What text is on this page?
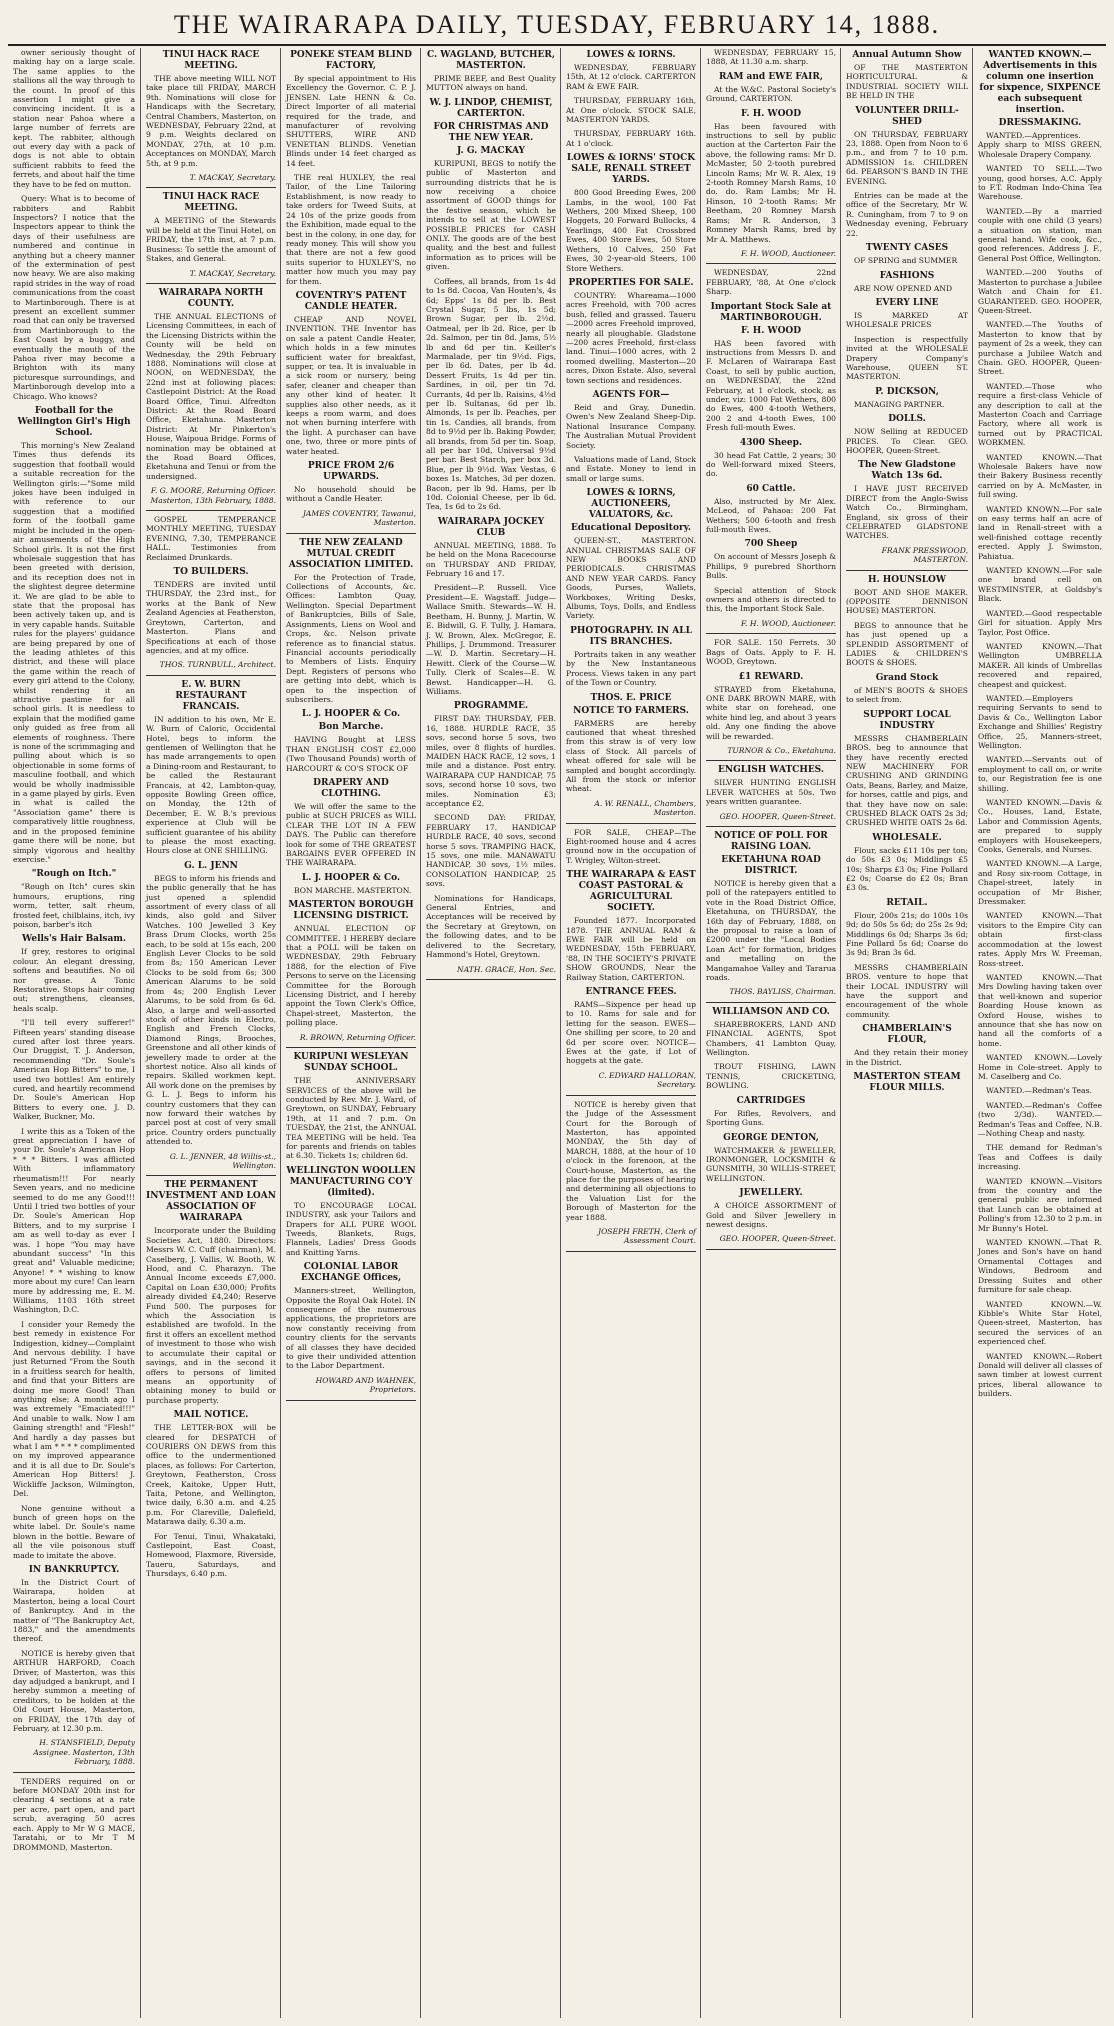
THE WAIRARAPA DAILY, TUESDAY, FEBRUARY 14, 1888.
owner seriously thought of making hay on a large scale. The same applies to the stallions all the way through to the count. In proof of this assertion I might give a convincing incident. It is a station near Pahoa where a large number of ferrets are kept. The rabbiter, although out every day with a pack of dogs is not able to obtain sufficient rabbits to feed the ferrets, and about half the time they have to be fed on mutton.
Query: What is to become of rabbiters and Rabbit Inspectors? I notice that the Inspectors appear to think the days of their usefulness are numbered and continue in anything but a cheery manner of the extermination of pest now heavy. We are also making rapid strides in the way of road communications from the coast to Martinborough. There is at present an excellent summer road that can only be traversed from Martinborough to the East Coast by a buggy, and eventually the mouth of the Pahoa river may become a Brighton with its many picturesque surroundings, and Martinborough develop into a Chicago. Who knows?
Football for the Wellington Girl's High School.
This morning's New Zealand Times thus defends its suggestion that football would a suitable recreation for the Wellington girls:—"Some mild jokes have been indulged in with reference to our suggestion that a modified form of the football game might be included in the open-air amusements of the High School girls. It is not the first wholesale suggestion that has been greeted with derision, and its reception does not in the slightest degree determine it. We are glad to be able to state that the proposal has been actively taken up, and is in very capable hands. Suitable rules for the players' guidance are being prepared by one of the leading athletes of this district, and these will place the game within the reach of every girl attend to the Colony, whilst rendering it an attractive pastime for all school girls. It is needless to explain that the modified game only guided as free from all elements of roughness. There is none of the scrimmaging and pulling about which is so objectionable in some forms of masculine football, and which would be wholly inadmissible in a game played by girls. Even in what is called the "Association game" there is comparatively little roughness, and in the proposed feminine game there will be none, but simply vigorous and healthy exercise."
"Rough on Itch."
"Rough on Itch" cures skin humours, eruptions, ring worm, tetter, salt rheum, frosted feet, chilblains, itch, ivy poison, barber's itch
Wells's Hair Balsam.
If grey, restores to original colour. An elegant dressing, softens and beautifies. No oil nor grease. A Tonic Restorative. Stops hair coming out; strengthens, cleanses, heals scalp.
"I'll tell every sufferer!" Fifteen years' standing disease cured after lost three years. Our Druggist, T. J. Anderson, recommending "Dr. Soule's American Hop Bitters" to me, I used two bottles! Am entirely cured, and heartily recommend Dr. Soule's American Hop Bitters to every one. J. D. Walker, Buckner, Mo.
I write this as a Token of the great appreciation I have of your Dr. Soule's American Hop * * * Bitters. I was afflicted With inflammatory rheumatism!!! For nearly Seven years, and no medicine seemed to do me any Good!!! Until I tried two bottles of your Dr. Soule's American Hop Bitters, and to my surprise I am as well to-day as ever I was. I hope "You may have abundant success" "In this great and" Valuable medicine; Anyone! * * wishing to know more about my cure! Can learn more by addressing me, E. M. Williams, 1103 16th street Washington, D.C.
I consider your Remedy the best remedy in existence For Indigestion, kidney—Complaint And nervous debility. I have just Returned "From the South in a fruitless search for health, and find that your Bitters are doing me more Good! Than anything else; A month ago I was extremely "Emaciated!!!" And unable to walk. Now I am Gaining strength! and "Flesh!" And hardly a day passes but what I am * * * * complimented on my improved appearance and it is all due to Dr. Soule's American Hop Bitters! J. Wickliffe Jackson, Wilmington, Del.
None genuine without a bunch of green hops on the white label. Dr. Soule's name blown in the bottle. Beware of all the vile poisonous stuff made to imitate the above.
IN BANKRUPTCY.
In the District Court of Wairarapa, holden at Masterton, being a local Court of Bankruptcy. And in the matter of "The Bankruptcy Act, 1883," and the amendments thereof.
NOTICE is hereby given that ARTHUR HARFORD, Coach Driver, of Masterton, was this day adjudged a bankrupt, and I hereby summon a meeting of creditors, to be holden at the Old Court House, Masterton, on FRIDAY, the 17th day of February, at 12.30 p.m.
H. STANSFIELD, Deputy Assignee. Masterton, 13th February, 1888.
TENDERS required on or before MONDAY 20th inst for clearing 4 sections at a rate per acre, part open, and part scrub, averaging 50 acres each. Apply to Mr W G MACE, Taratahi, or to Mr T M DROMMOND, Masterton.
TINUI HACK RACE MEETING.
THE above meeting WILL NOT take place till FRIDAY, MARCH 9th. Nominations will close for Handicaps with the Secretary, Central Chambers, Masterton, on WEDNESDAY, February 22nd, at 9 p.m. Weights declared on MONDAY, 27th, at 10 p.m. Acceptances on MONDAY, March 5th, at 9 p.m.
T. MACKAY, Secretary.
TINUI HACK RACE MEETING.
A MEETING of the Stewards will be held at the Tinui Hotel, on FRIDAY, the 17th inst, at 7 p.m. Business: To settle the amount of Stakes, and General.
T. MACKAY, Secretary.
WAIRARAPA NORTH COUNTY.
THE ANNUAL ELECTIONS of Licensing Committees, in each of the Licensing Districts within the County will be held on Wednesday, the 29th February 1888. Nominations will close at NOON, on WEDNESDAY, the 22nd inst at following places: Castlepoint District: At the Road Board Office, Tinui. Alfredton District: At the Road Board Office, Eketahuna. Masterton District: At Mr Pinkerton's House, Waipoua Bridge. Forms of nomination may be obtained at the Road Board Offices, Eketahuna and Tenui or from the undersigned.
F. G. MOORE, Returning Officer. Masterton, 13th February, 1888.
GOSPEL TEMPERANCE MONTHLY MEETING, TUESDAY EVENING, 7.30, TEMPERANCE HALL. Testimonies from Reclaimed Drunkards.
TO BUILDERS.
TENDERS are invited until THURSDAY, the 23rd inst., for works at the Bank of New Zealand Agencies at Featherston, Greytown, Carterton, and Masterton. Plans and Specifications at each of those agencies, and at my office.
THOS. TURNBULL, Architect.
E. W. BURN RESTAURANT FRANCAIS.
IN addition to his own, Mr E. W. Burn of Caloric, Occidental Hotel, begs to inform the gentlemen of Wellington that he has made arrangements to open a Dining-room and Restaurant, to be called the Restaurant Francais, at 42, Lambton-quay, opposite Bowling Green office, on Monday, the 12th of December, E. W. B.'s previous experience at Club will be sufficient guarantee of his ability to please the most exacting. Hours close at ONE SHILLING.
G. L. JENN
BEGS to inform his friends and the public generally that he has just opened a splendid assortment of every class of all kinds, also gold and Silver Watches. 100 Jewelled 3 Key Brass Drum Clocks, worth 25s each, to be sold at 15s each, 200 English Lever Clocks to be sold from 8s; 150 American Lever Clocks to be sold from 6s; 300 American Alarums to be sold from 4s; 200 English Lever Alarums, to be sold from 6s 6d. Also, a large and well-assorted stock of other kinds in Electro, English and French Clocks, Diamond Rings, Brooches, Greenstone and all other kinds of jewellery made to order at the shortest notice. Also all kinds of repairs. Skilled workmen kept. All work done on the premises by G. L. J. Begs to inform his country customers that they can now forward their watches by parcel post at cost of very small price. Country orders punctually attended to.
G. L. JENNER, 48 Willis-st., Wellington.
THE PERMANENT INVESTMENT AND LOAN ASSOCIATION OF WAIRARAPA
Incorporate under the Building Societies Act, 1880. Directors: Messrs W. C. Cuff (chairman), M. Caselberg, J. Vallis, W. Booth, W. Hood, and C. Pharazyn. The Annual Income exceeds £7,000. Capital on Loan £30,000; Profits already divided £4,240; Reserve Fund 500. The purposes for which the Association is established are twofold. In the first it offers an excellent method of investment to those who wish to accumulate their capital or savings, and in the second it offers to persons of limited means an opportunity of obtaining money to build or purchase property.
MAIL NOTICE.
THE LETTER-BOX will be cleared for DESPATCH of COURIERS ON DEWS from this office to the undermentioned places, as follows: For Carterton, Greytown, Featherston, Cross Creek, Kaitoke, Upper Hutt, Taita, Petone, and Wellington, twice daily, 6.30 a.m. and 4.25 p.m. For Clareville, Dalefield, Matarawa daily, 6.30 a.m.
For Tenui, Tinui, Whakataki, Castlepoint, East Coast, Homewood, Flaxmore, Riverside, Taueru, Saturdays, and Thursdays, 6.40 p.m.
PONEKE STEAM BLIND FACTORY,
By special appointment to His Excellency the Governor. C. P. J. JENSEN. Late HENN & Co. Direct Importer of all material required for the trade, and manufacturer of revolving SHUTTERS, WIRE AND VENETIAN BLINDS. Venetian Blinds under 14 feet charged as 14 feet.
THE real HUXLEY, the real Tailor, of the Line Tailoring Establishment, is now ready to take orders for Tweed Suits, at 24 10s of the prize goods from the Exhibition, made equal to the best in the colony, in one day, for ready money. This will show you that there are not a few good suits superior to HUXLEY'S, no matter how much you may pay for them.
COVENTRY'S PATENT CANDLE HEATER.
CHEAP AND NOVEL INVENTION. THE Inventor has on sale a patent Candle Heater, which holds in a few minutes sufficient water for breakfast, supper, or tea. It is invaluable in a sick room or nursery, being safer, cleaner and cheaper than any other kind of heater. It supplies also other needs, as it keeps a room warm, and does not when burning interfere with the light. A purchaser can have one, two, three or more pints of water heated.
PRICE FROM 2/6 UPWARDS.
No household should be without a Candle Heater.
JAMES COVENTRY, Tawanui, Masterton.
THE NEW ZEALAND MUTUAL CREDIT ASSOCIATION LIMITED.
For the Protection of Trade, Collections of Accounts, &c. Offices: Lambton Quay, Wellington. Special Department of Bankruptcies, Bills of Sale, Assignments, Liens on Wool and Crops, &c. Nelson private reference as to financial status. Financial accounts periodically to Members of Lists. Enquiry Dept. Registers of persons who are getting into debt, which is open to the inspection of subscribers.
L. J. HOOPER & Co.
Bon Marche.
HAVING Bought at LESS THAN ENGLISH COST £2,000 (Two Thousand Pounds) worth of HARCOURT & CO'S STOCK OF
DRAPERY AND CLOTHING.
We will offer the same to the public at SUCH PRICES as WILL CLEAR THE LOT IN A FEW DAYS. The Public can therefore look for some of THE GREATEST BARGAINS EVER OFFERED IN THE WAIRARAPA.
L. J. HOOPER & Co.
BON MARCHE. MASTERTON.
MASTERTON BOROUGH LICENSING DISTRICT.
ANNUAL ELECTION OF COMMITTEE. I HEREBY declare that a POLL will be taken on WEDNESDAY, 29th February 1888, for the election of Five Persons to serve on the Licensing Committee for the Borough Licensing District, and I hereby appoint the Town Clerk's Office, Chapel-street, Masterton, the polling place.
R. BROWN, Returning Officer.
KURIPUNI WESLEYAN SUNDAY SCHOOL.
THE ANNIVERSARY SERVICES of the above will be conducted by Rev. Mr. J. Ward, of Greytown, on SUNDAY, February 19th, at 11 and 7 p.m. On TUESDAY, the 21st, the ANNUAL TEA MEETING will be held. Tea for parents and friends on tables at 6.30. Tickets 1s; children 6d.
WELLINGTON WOOLLEN MANUFACTURING CO'Y (limited).
TO ENCOURAGE LOCAL INDUSTRY, ask your Tailors and Drapers for ALL PURE WOOL Tweeds, Blankets, Rugs, Flannels, Ladies' Dress Goods and Knitting Yarns.
COLONIAL LABOR EXCHANGE Offices,
Manners-street, Wellington, Opposite the Royal Oak Hotel. IN consequence of the numerous applications, the proprietors are now constantly receiving from country clients for the servants of all classes they have decided to give their undivided attention to the Labor Department.
HOWARD AND WAHNEK, Proprietors.
C. WAGLAND, BUTCHER, MASTERTON.
PRIME BEEF, and Best Quality MUTTON always on hand.
W. J. LINDOP, CHEMIST, CARTERTON.
FOR CHRISTMAS AND THE NEW YEAR.
J. G. MACKAY
KURIPUNI, BEGS to notify the public of Masterton and surrounding districts that he is now receiving a choice assortment of GOOD things for the festive season, which he intends to sell at the LOWEST POSSIBLE PRICES for CASH ONLY. The goods are of the best quality, and the best and fullest information as to prices will be given.
Coffees, all brands, from 1s 4d to 1s 8d. Cocoa, Van Houten's, 4s 6d; Epps' 1s 8d per lb. Best Crystal Sugar, 5 lbs, 1s 5d; Brown Sugar, per lb. 2½d. Oatmeal, per lb 2d. Rice, per lb 2d. Salmon, per tin 8d. Jams, 5½ lb and 6d per tin. Keiller's Marmalade, per tin 9½d. Figs, per lb 6d. Dates, per lb 4d. Dessert Fruits, 1s 4d per tin. Sardines, in oil, per tin 7d. Currants, 4d per lb. Raisins, 4½d per lb. Sultanas, 6d per lb. Almonds, 1s per lb. Peaches, per tin 1s. Candies, all brands, from 8d to 9½d per lb. Baking Powder, all brands, from 5d per tin. Soap, all per bar 10d, Universal 9½d per bar. Best Starch, per box 3d. Blue, per lb 9½d. Wax Vestas, 6 boxes 1s. Matches, 3d per dozen. Bacon, per lb 9d. Hams, per lb 10d. Colonial Cheese, per lb 6d. Tea, 1s 6d to 2s 6d.
WAIRARAPA JOCKEY CLUB
ANNUAL MEETING, 1888. To be held on the Mona Racecourse on THURSDAY AND FRIDAY, February 16 and 17.
President—P. Russell. Vice President—E. Wagstaff. Judge—Wallace Smith. Stewards—W. H. Beetham, H. Bunny, J. Martin, W. E. Bidwill, G. F. Tully, J. Hamara, J. W. Brown, Alex. McGregor, E. Phillips, J. Drummond. Treasurer—W. D. Martin. Secretary—H. Hewitt. Clerk of the Course—W. Tully. Clerk of Scales—E. W. Bewst. Handicapper—H. G. Williams.
PROGRAMME.
FIRST DAY: THURSDAY, FEB. 16, 1888. HURDLE RACE, 35 sovs, second horse 5 sovs, two miles, over 8 flights of hurdles. MAIDEN HACK RACE, 12 sovs, 1 mile and a distance. Post entry. WAIRARAPA CUP HANDICAP, 75 sovs, second horse 10 sovs, two miles. Nomination £3; acceptance £2.
SECOND DAY: FRIDAY, FEBRUARY 17. HANDICAP HURDLE RACE, 40 sovs, second horse 5 sovs. TRAMPING HACK, 15 sovs, one mile. MANAWATU HANDICAP, 30 sovs, 1½ miles. CONSOLATION HANDICAP, 25 sovs.
Nominations for Handicaps, General Entries, and Acceptances will be received by the Secretary at Greytown, on the following dates, and to be delivered to the Secretary, Hammond's Hotel, Greytown.
NATH. GRACE, Hon. Sec.
LOWES & IORNS.
WEDNESDAY, FEBRUARY 15th, At 12 o'clock. CARTERTON RAM & EWE FAIR.
THURSDAY, FEBRUARY 16th, At One o'clock. STOCK SALE, MASTERTON YARDS.
THURSDAY, FEBRUARY 16th. At 1 o'clock.
LOWES & IORNS' STOCK SALE, RENALL STREET YARDS.
800 Good Breeding Ewes, 200 Lambs, in the wool, 100 Fat Wethers, 200 Mixed Sheep, 100 Hoggets, 20 Forward Bullocks, 4 Yearlings, 400 Fat Crossbred Ewes, 400 Store Ewes, 50 Store Wethers, 10 Calves, 250 Fat Ewes, 30 2-year-old Steers, 100 Store Wethers.
PROPERTIES FOR SALE.
COUNTRY: Whareama—1000 acres Freehold, with 700 acres bush, felled and grassed. Taueru—2000 acres Freehold improved, nearly all ploughable. Gladstone—200 acres Freehold, first-class land. Tinui—1000 acres, with 2 roomed dwelling. Masterton—20 acres, Dixon Estate. Also, several town sections and residences.
AGENTS FOR—
Reid and Gray, Dunedin. Owen's New Zealand Sheep-Dip. National Insurance Company. The Australian Mutual Provident Society.
Valuations made of Land, Stock and Estate. Money to lend in small or large sums.
LOWES & IORNS, AUCTIONEERS, VALUATORS, &c.
Educational Depository.
QUEEN-ST., MASTERTON. ANNUAL CHRISTMAS SALE OF NEW BOOKS AND PERIODICALS. CHRISTMAS AND NEW YEAR CARDS. Fancy Goods, Purses, Wallets, Workboxes, Writing Desks, Albums, Toys, Dolls, and Endless Variety.
PHOTOGRAPHY. IN ALL ITS BRANCHES.
Portraits taken in any weather by the New Instantaneous Process. Views taken in any part of the Town or Country.
THOS. E. PRICE
NOTICE TO FARMERS.
FARMERS are hereby cautioned that wheat threshed from this straw is of very low class of Stock. All parcels of wheat offered for sale will be sampled and bought accordingly. All from the stock or inferior wheat.
A. W. RENALL, Chambers, Masterton.
FOR SALE, CHEAP—The Eight-roomed house and 4 acres ground now in the occupation of T. Wrigley, Wilton-street.
THE WAIRARAPA & EAST COAST PASTORAL & AGRICULTURAL SOCIETY.
Founded 1877. Incorporated 1878. THE ANNUAL RAM & EWE FAIR will be held on WEDNESDAY, 15th FEBRUARY, '88, IN THE SOCIETY'S PRIVATE SHOW GROUNDS, Near the Railway Station, CARTERTON.
ENTRANCE FEES.
RAMS—Sixpence per head up to 10. Rams for sale and for letting for the season. EWES—One shilling per score, to 20 and 6d per score over. NOTICE—Ewes at the gate, if Lot of hoggets at the gate.
C. EDWARD HALLORAN, Secretary.
NOTICE is hereby given that the Judge of the Assessment Court for the Borough of Masterton, has appointed MONDAY, the 5th day of MARCH, 1888, at the hour of 10 o'clock in the forenoon, at the Court-house, Masterton, as the place for the purposes of hearing and determining all objections to the Valuation List for the Borough of Masterton for the year 1888.
JOSEPH FRETH, Clerk of Assessment Court.
WEDNESDAY, FEBRUARY 15, 1888, At 11.30 a.m. sharp.
RAM and EWE FAIR,
At the W.&C. Pastoral Society's Ground, CARTERTON.
F. H. WOOD
Has been favoured with instructions to sell by public auction at the Carterton Fair the above, the following rams: Mr D. McMaster, 50 2-tooth purebred Lincoln Rams; Mr W. R. Alex, 19 2-tooth Romney Marsh Rams, 10 do. do. Ram Lambs; Mr H. Hinson, 10 2-tooth Rams; Mr Beetham, 20 Romney Marsh Rams; Mr R. Anderson, 3 Romney Marsh Rams, bred by Mr A. Matthews.
F. H. WOOD, Auctioneer.
WEDNESDAY, 22nd FEBRUARY, '88, At One o'clock Sharp.
Important Stock Sale at MARTINBOROUGH.
F. H. WOOD
HAS been favored with instructions from Messrs D. and F. McLaren of Wairarapa East Coast, to sell by public auction, on WEDNESDAY, the 22nd February, at 1 o'clock, stock, as under, viz: 1000 Fat Wethers, 800 do Ewes, 400 4-tooth Wethers, 200 2 and 4-tooth Ewes, 100 Fresh full-mouth Ewes.
4300 Sheep.
30 head Fat Cattle, 2 years; 30 do Well-forward mixed Steers, do.
60 Cattle.
Also, instructed by Mr Alex. McLeod, of Pahaoa: 200 Fat Wethers; 500 6-tooth and fresh full-mouth Ewes.
700 Sheep
On account of Messrs Joseph & Phillips, 9 purebred Shorthorn Bulls.
Special attention of Stock owners and others is directed to this, the Important Stock Sale.
F. H. WOOD, Auctioneer.
FOR SALE. 150 Ferrets. 30 Bags of Oats. Apply to F. H. WOOD, Greytown.
£1 REWARD.
STRAYED from Eketahuna, ONE DARK BROWN MARE, with white star on forehead, one white hind leg, and about 3 years old. Any one finding the above will be rewarded.
TURNOR & Co., Eketahuna.
ENGLISH WATCHES.
SILVER HUNTING ENGLISH LEVER WATCHES at 50s. Two years written guarantee.
GEO. HOOPER, Queen-Street.
NOTICE OF POLL FOR RAISING LOAN.
EKETAHUNA ROAD DISTRICT.
NOTICE is hereby given that a poll of the ratepayers entitled to vote in the Road District Office, Eketahuna, on THURSDAY, the 16th day of February, 1888, on the proposal to raise a loan of £2000 under the "Local Bodies Loan Act" for formation, bridges and metalling on the Mangamahoe Valley and Tararua roads.
THOS. BAYLISS, Chairman.
WILLIAMSON AND CO.
SHAREBROKERS, LAND AND FINANCIAL AGENTS, Spot Chambers, 41 Lambton Quay, Wellington.
TROUT FISHING, LAWN TENNIS, CRICKETING, BOWLING.
CARTRIDGES
For Rifles, Revolvers, and Sporting Guns.
GEORGE DENTON,
WATCHMAKER & JEWELLER, IRONMONGER, LOCKSMITH & GUNSMITH, 30 WILLIS-STREET, WELLINGTON.
JEWELLERY.
A CHOICE ASSORTMENT of Gold and Silver Jewellery in newest designs.
GEO. HOOPER, Queen-Street.
Annual Autumn Show
OF THE MASTERTON HORTICULTURAL & INDUSTRIAL SOCIETY WILL BE HELD IN THE
VOLUNTEER DRILL-SHED
ON THURSDAY, FEBRUARY 23, 1888. Open from Noon to 6 p.m., and from 7 to 10 p.m. ADMISSION 1s. CHILDREN 6d. PEARSON'S BAND IN THE EVENING.
Entries can be made at the office of the Secretary, Mr W. R. Cuningham, from 7 to 9 on Wednesday evening, February 22.
TWENTY CASES
OF SPRING and SUMMER
FASHIONS
ARE NOW OPENED AND
EVERY LINE
IS MARKED AT WHOLESALE PRICES
Inspection is respectfully invited at the WHOLESALE Drapery Company's Warehouse, QUEEN ST. MASTERTON.
P. DICKSON,
MANAGING PARTNER.
DOLLS.
NOW Selling at REDUCED PRICES. To Clear. GEO. HOOPER, Queen-Street.
The New Gladstone Watch 13s 6d.
I HAVE JUST RECEIVED DIRECT from the Anglo-Swiss Watch Co., Birmingham, England, six gross of their CELEBRATED GLADSTONE WATCHES.
FRANK PRESSWOOD, MASTERTON.
H. HOUNSLOW
BOOT AND SHOE MAKER. (OPPOSITE DENNISON HOUSE) MASTERTON.
BEGS to announce that he has just opened up a SPLENDID ASSORTMENT of LADIES & CHILDREN'S BOOTS & SHOES.
Grand Stock
of MEN'S BOOTS & SHOES to select from.
SUPPORT LOCAL INDUSTRY
MESSRS CHAMBERLAIN BROS. beg to announce that they have recently erected NEW MACHINERY FOR CRUSHING AND GRINDING Oats, Beans, Barley, and Maize, for horses, cattle and pigs, and that they have now on sale: CRUSHED BLACK OATS 2s 3d; CRUSHED WHITE OATS 2s 6d.
WHOLESALE.
Flour, sacks £11 10s per ton; do 50s £3 0s; Middlings £5 10s; Sharps £3 0s; Fine Pollard £2 0s; Coarse do £2 0s; Bran £3 0s.
RETAIL.
Flour, 200s 21s; do 100s 10s 9d; do 50s 5s 6d; do 25s 2s 9d; Middlings 6s 0d; Sharps 3s 6d; Fine Pollard 5s 6d; Coarse do 3s 9d; Bran 3s 6d.
MESSRS CHAMBERLAIN BROS. venture to hope that their LOCAL INDUSTRY will have the support and encouragement of the whole community.
CHAMBERLAIN'S FLOUR,
And they retain their money in the District.
MASTERTON STEAM FLOUR MILLS.
WANTED KNOWN.—Advertisements in this column one insertion for sixpence, SIXPENCE each subsequent insertion.
DRESSMAKING.
WANTED.—Apprentices. Apply sharp to MISS GREEN, Wholesale Drapery Company.
WANTED TO SELL.—Two young, good horses, A.C. Apply to F.T. Rodman Indo-China Tea Warehouse.
WANTED.—By a married couple with one child (3 years) a situation on station, man general hand. Wife cook, &c., good references. Address J. F., General Post Office, Wellington.
WANTED.—200 Youths of Masterton to purchase a Jubilee Watch and Chain for £1. GUARANTEED. GEO. HOOPER, Queen-Street.
WANTED.—The Youths of Masterton to know that by payment of 2s a week, they can purchase a Jubilee Watch and Chain. GEO. HOOPER, Queen-Street.
WANTED.—Those who require a first-class Vehicle of any description to call at the Masterton Coach and Carriage Factory, where all work is turned out by PRACTICAL WORKMEN.
WANTED KNOWN.—That Wholesale Bakers have now their Bakery Business recently carried on by A. McMaster, in full swing.
WANTED KNOWN.—For sale on easy terms half an acre of land in Renall-street with a well-finished cottage recently erected. Apply J. Swimston, Pahiatua.
WANTED KNOWN.—For sale one brand cell on WESTMINSTER, at Goldsby's Black.
WANTED.—Good respectable Girl for situation. Apply Mrs Taylor, Post Office.
WANTED KNOWN.—That Wellington UMBRELLA MAKER. All kinds of Umbrellas recovered and repaired, cheapest and quickest.
WANTED.—Employers requiring Servants to send to Davis & Co., Wellington Labor Exchange and Shillies' Registry Office, 25, Manners-street, Wellington.
WANTED.—Servants out of employment to call on, or write to, our Registration fee is one shilling.
WANTED KNOWN.—Davis & Co., Houses, Land, Estate, Labor and Commission Agents, are prepared to supply employers with Housekeepers, Cooks, Generals, and Nurses.
WANTED KNOWN.—A Large, and Rosy six-room Cottage, in Chapel-street, lately in occupation of Mr Bisher, Dressmaker.
WANTED KNOWN.—That visitors to the Empire City can obtain first-class accommodation at the lowest rates. Apply Mrs W. Freeman, Ross-street.
WANTED KNOWN.—That Mrs Dowling having taken over that well-known and superior Boarding House known as Oxford House, wishes to announce that she has now on hand all the comforts of a home.
WANTED KNOWN.—Lovely Home in Cole-street. Apply to M. Caselberg and Co.
WANTED.—Redman's Teas.
WANTED.—Redman's Coffee (two 2/3d). WANTED.—Redman's Teas and Coffee, N.B.—Nothing Cheap and nasty.
THE demand for Redman's Teas and Coffees is daily increasing.
WANTED KNOWN.—Visitors from the country and the general public are informed that Lunch can be obtained at Polling's from 12.30 to 2 p.m. in Mr Bunny's Hotel.
WANTED KNOWN.—That R. Jones and Son's have on hand Ornamental Cottages and Windows, Bedroom and Dressing Suites and other furniture for sale cheap.
WANTED KNOWN.—W. Kibble's White Star Hotel, Queen-street, Masterton, has secured the services of an experienced chef.
WANTED KNOWN.—Robert Donald will deliver all classes of sawn timber at lowest current prices, liberal allowance to builders.
